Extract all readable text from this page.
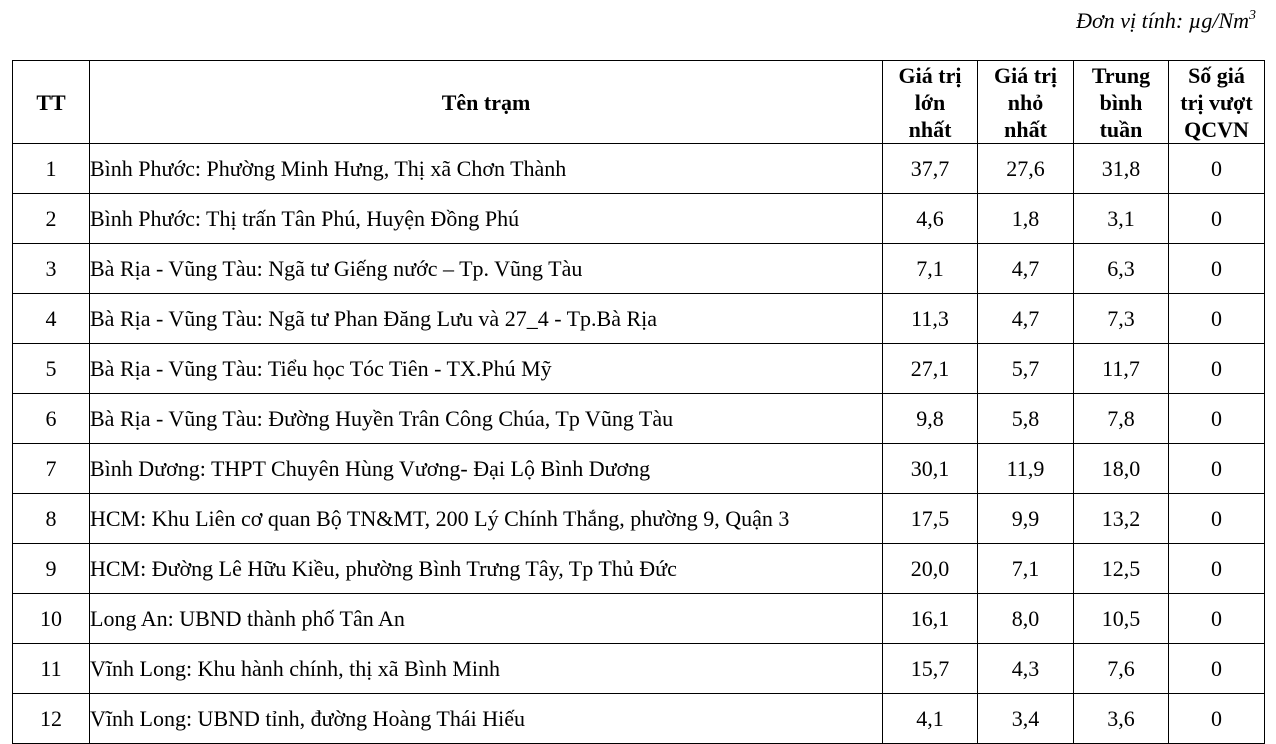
Đơn vị tính: µg/Nm$^3$
TT	Tên trạm	Giá trị
lớn
nhất	Giá trị
nhỏ
nhất	Trung
bình
tuần	Số giá
trị vượt
QCVN
1	Bình Phước: Phường Minh Hưng, Thị xã Chơn Thành	37,7	27,6	31,8	0
2	Bình Phước: Thị trấn Tân Phú, Huyện Đồng Phú	4,6	1,8	3,1	0
3	Bà Rịa - Vũng Tàu: Ngã tư Giếng nước – Tp. Vũng Tàu	7,1	4,7	6,3	0
4	Bà Rịa - Vũng Tàu: Ngã tư Phan Đăng Lưu và 27_4 - Tp.Bà Rịa	11,3	4,7	7,3	0
5	Bà Rịa - Vũng Tàu: Tiểu học Tóc Tiên - TX.Phú Mỹ	27,1	5,7	11,7	0
6	Bà Rịa - Vũng Tàu: Đường Huyền Trân Công Chúa, Tp Vũng Tàu	9,8	5,8	7,8	0
7	Bình Dương: THPT Chuyên Hùng Vương- Đại Lộ Bình Dương	30,1	11,9	18,0	0
8	HCM: Khu Liên cơ quan Bộ TN&MT, 200 Lý Chính Thắng, phường 9, Quận 3	17,5	9,9	13,2	0
9	HCM: Đường Lê Hữu Kiều, phường Bình Trưng Tây, Tp Thủ Đức	20,0	7,1	12,5	0
10	Long An: UBND thành phố Tân An	16,1	8,0	10,5	0
11	Vĩnh Long: Khu hành chính, thị xã Bình Minh	15,7	4,3	7,6	0
12	Vĩnh Long: UBND tỉnh, đường Hoàng Thái Hiếu	4,1	3,4	3,6	0
